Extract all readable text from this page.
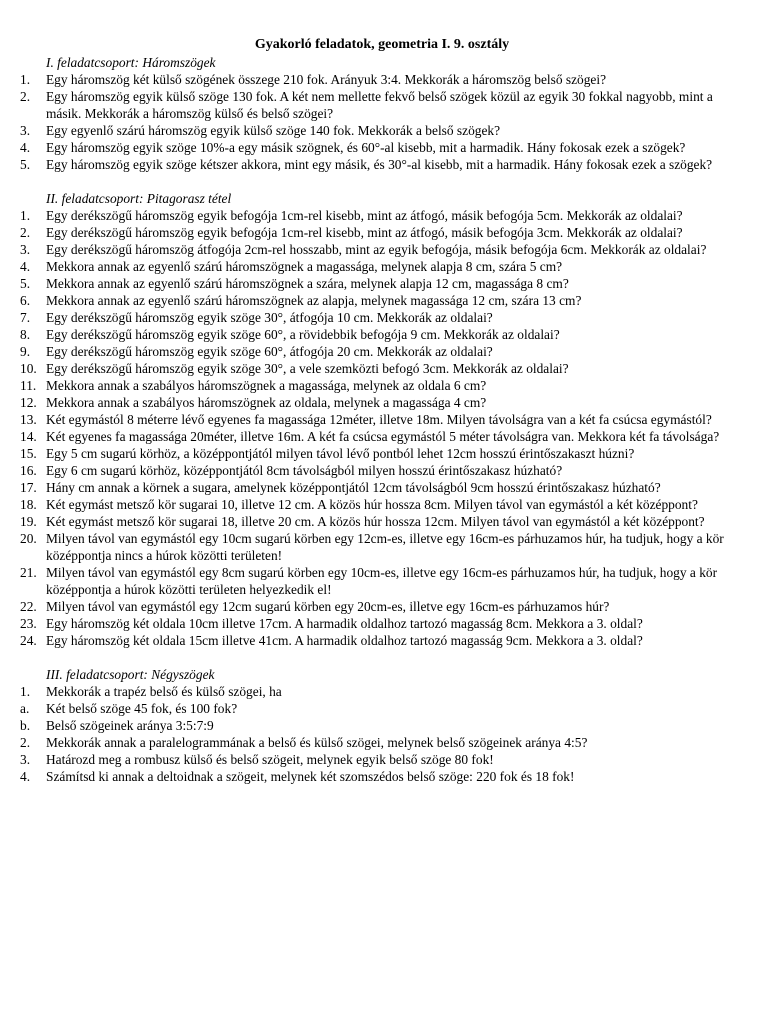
Gyakorló feladatok, geometria I. 9. osztály
I. feladatcsoport: Háromszögek
1.	Egy háromszög két külső szögének összege 210 fok. Arányuk 3:4. Mekkorák a háromszög belső szögei?
2.	Egy háromszög egyik külső szöge 130 fok. A két nem mellette fekvő belső szögek közül az egyik 30 fokkal nagyobb, mint a másik. Mekkorák a háromszög külső és belső szögei?
3.	Egy egyenlő szárú háromszög egyik külső szöge 140 fok. Mekkorák a belső szögek?
4.	Egy háromszög egyik szöge 10%-a egy másik szögnek, és 60°-al kisebb, mit a harmadik. Hány fokosak ezek a szögek?
5.	Egy háromszög egyik szöge kétszer akkora, mint egy másik, és 30°-al kisebb, mit a harmadik. Hány fokosak ezek a szögek?
II. feladatcsoport: Pitagorasz tétel
1.	Egy derékszögű háromszög egyik befogója 1cm-rel kisebb, mint az átfogó, másik befogója 5cm. Mekkorák az oldalai?
2.	Egy derékszögű háromszög egyik befogója 1cm-rel kisebb, mint az átfogó, másik befogója 3cm. Mekkorák az oldalai?
3.	Egy derékszögű háromszög átfogója 2cm-rel hosszabb, mint az egyik befogója, másik befogója 6cm. Mekkorák az oldalai?
4.	Mekkora annak az egyenlő szárú háromszögnek a magassága, melynek alapja 8 cm, szára 5 cm?
5.	Mekkora annak az egyenlő szárú háromszögnek a szára, melynek alapja 12 cm, magassága 8 cm?
6.	Mekkora annak az egyenlő szárú háromszögnek az alapja, melynek magassága 12 cm, szára 13 cm?
7.	Egy derékszögű háromszög egyik szöge 30°, átfogója 10 cm. Mekkorák az oldalai?
8.	Egy derékszögű háromszög egyik szöge 60°, a rövidebbik befogója 9 cm. Mekkorák az oldalai?
9.	Egy derékszögű háromszög egyik szöge 60°, átfogója 20 cm. Mekkorák az oldalai?
10. Egy derékszögű háromszög egyik szöge 30°, a vele szemközti befogó 3cm. Mekkorák az oldalai?
11. Mekkora annak a szabályos háromszögnek a magassága, melynek az oldala 6 cm?
12. Mekkora annak a szabályos háromszögnek az oldala, melynek a magassága 4 cm?
13. Két egymástól 8 méterre lévő egyenes fa magassága 12méter, illetve 18m. Milyen távolságra van a két fa csúcsa egymástól?
14. Két egyenes fa magassága 20méter, illetve 16m. A két fa csúcsa egymástól 5 méter távolságra van. Mekkora két fa távolsága?
15. Egy 5 cm sugarú körhöz, a középpontjától milyen távol lévő pontból lehet 12cm hosszú érintőszakaszt húzni?
16. Egy 6 cm sugarú körhöz, középpontjától 8cm távolságból milyen hosszú érintőszakasz húzható?
17. Hány cm annak a körnek a sugara, amelynek középpontjától 12cm távolságból 9cm hosszú érintőszakasz húzható?
18. Két egymást metsző kör sugarai 10, illetve 12 cm. A közös húr hossza 8cm. Milyen távol van egymástól a két középpont?
19. Két egymást metsző kör sugarai 18, illetve 20 cm. A közös húr hossza 12cm. Milyen távol van egymástól a két középpont?
20. Milyen távol van egymástól egy 10cm sugarú körben egy 12cm-es, illetve egy 16cm-es párhuzamos húr, ha tudjuk, hogy a kör középpontja nincs a húrok közötti területen!
21. Milyen távol van egymástól egy 8cm sugarú körben egy 10cm-es, illetve egy 16cm-es párhuzamos húr, ha tudjuk, hogy a kör középpontja a húrok közötti területen helyezkedik el!
22. Milyen távol van egymástól egy 12cm sugarú körben egy 20cm-es, illetve egy 16cm-es párhuzamos húr?
23. Egy háromszög két oldala 10cm illetve 17cm. A harmadik oldalhoz tartozó magasság 8cm. Mekkora a 3. oldal?
24. Egy háromszög két oldala 15cm illetve 41cm. A harmadik oldalhoz tartozó magasság 9cm. Mekkora a 3. oldal?
III. feladatcsoport: Négyszögek
1.	Mekkorák a trapéz belső és külső szögei, ha
a.	Két belső szöge 45 fok, és 100 fok?
b.	Belső szögeinek aránya 3:5:7:9
2.	Mekkorák annak a paralelogrammának a belső és külső szögei, melynek belső szögeinek aránya 4:5?
3.	Határozd meg a rombusz külső és belső szögeit, melynek egyik belső szöge 80 fok!
4.	Számítsd ki annak a deltoidnak a szögeit, melynek két szomszédos belső szöge: 220 fok és 18 fok!
